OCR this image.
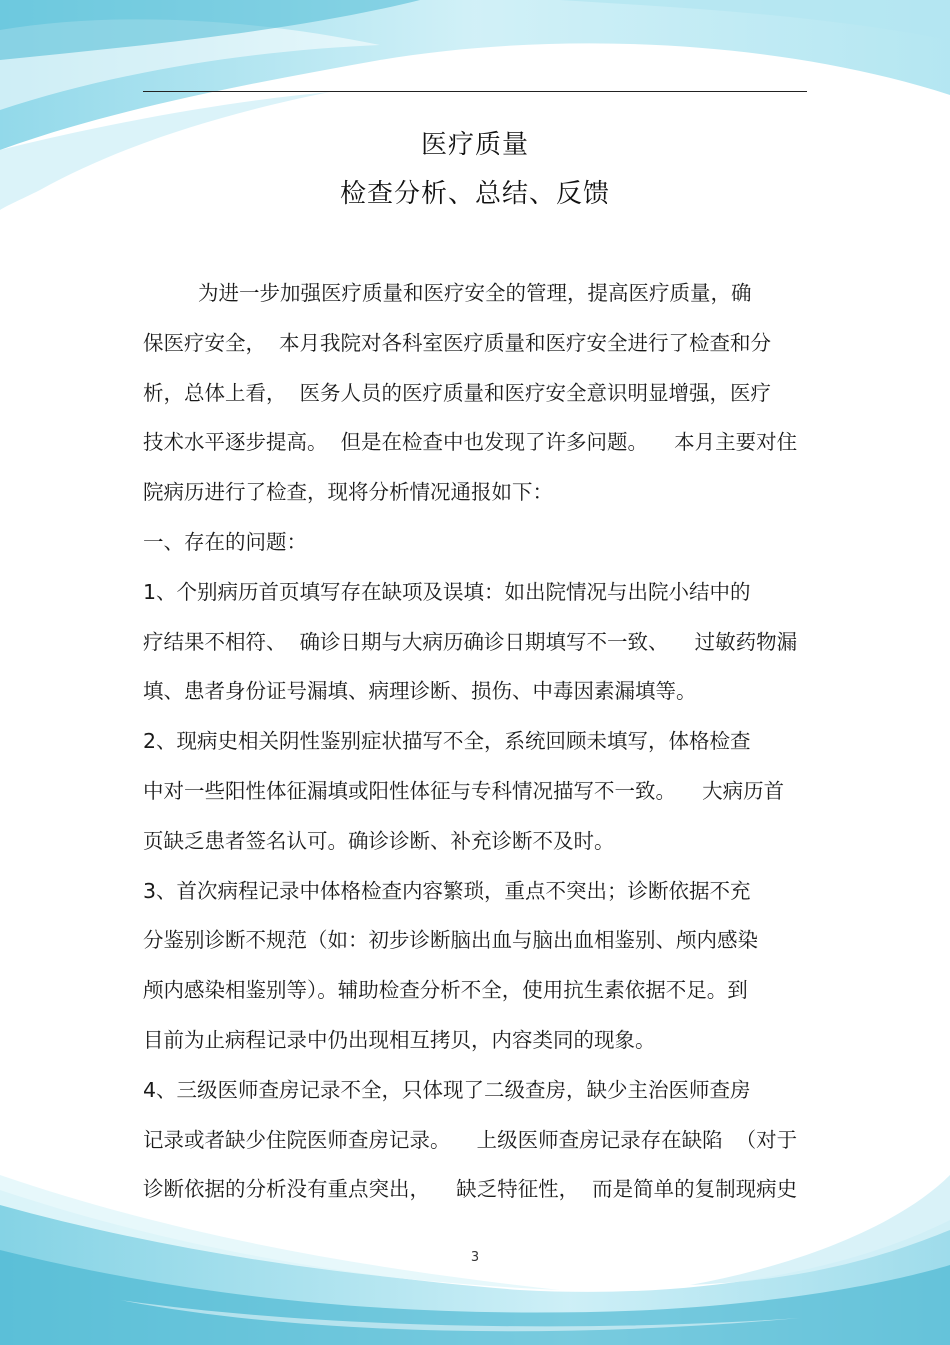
医疗质量
检查分析、总结、反馈
为进一步加强医疗质量和医疗安全的管理，提高医疗质量，确
保医疗安全，  本月我院对各科室医疗质量和医疗安全进行了检查和分
析，总体上看，  医务人员的医疗质量和医疗安全意识明显增强，医疗
技术水平逐步提高。  但是在检查中也发现了许多问题。    本月主要对住
院病历进行了检查，现将分析情况通报如下：
一、存在的问题：
1、个别病历首页填写存在缺项及误填：如出院情况与出院小结中的
疗结果不相符、  确诊日期与大病历确诊日期填写不一致、    过敏药物漏
填、患者身份证号漏填、病理诊断、损伤、中毒因素漏填等。
2、现病史相关阴性鉴别症状描写不全，系统回顾未填写，体格检查
中对一些阳性体征漏填或阳性体征与专科情况描写不一致。    大病历首
页缺乏患者签名认可。确诊诊断、补充诊断不及时。
3、首次病程记录中体格检查内容繁琐，重点不突出；诊断依据不充
分鉴别诊断不规范（如：初步诊断脑出血与脑出血相鉴别、颅内感染
颅内感染相鉴别等）。辅助检查分析不全，使用抗生素依据不足。到
目前为止病程记录中仍出现相互拷贝，内容类同的现象。
4、三级医师查房记录不全，只体现了二级查房，缺少主治医师查房
记录或者缺少住院医师查房记录。    上级医师查房记录存在缺陷  （对于
诊断依据的分析没有重点突出，    缺乏特征性，  而是简单的复制现病史
3
